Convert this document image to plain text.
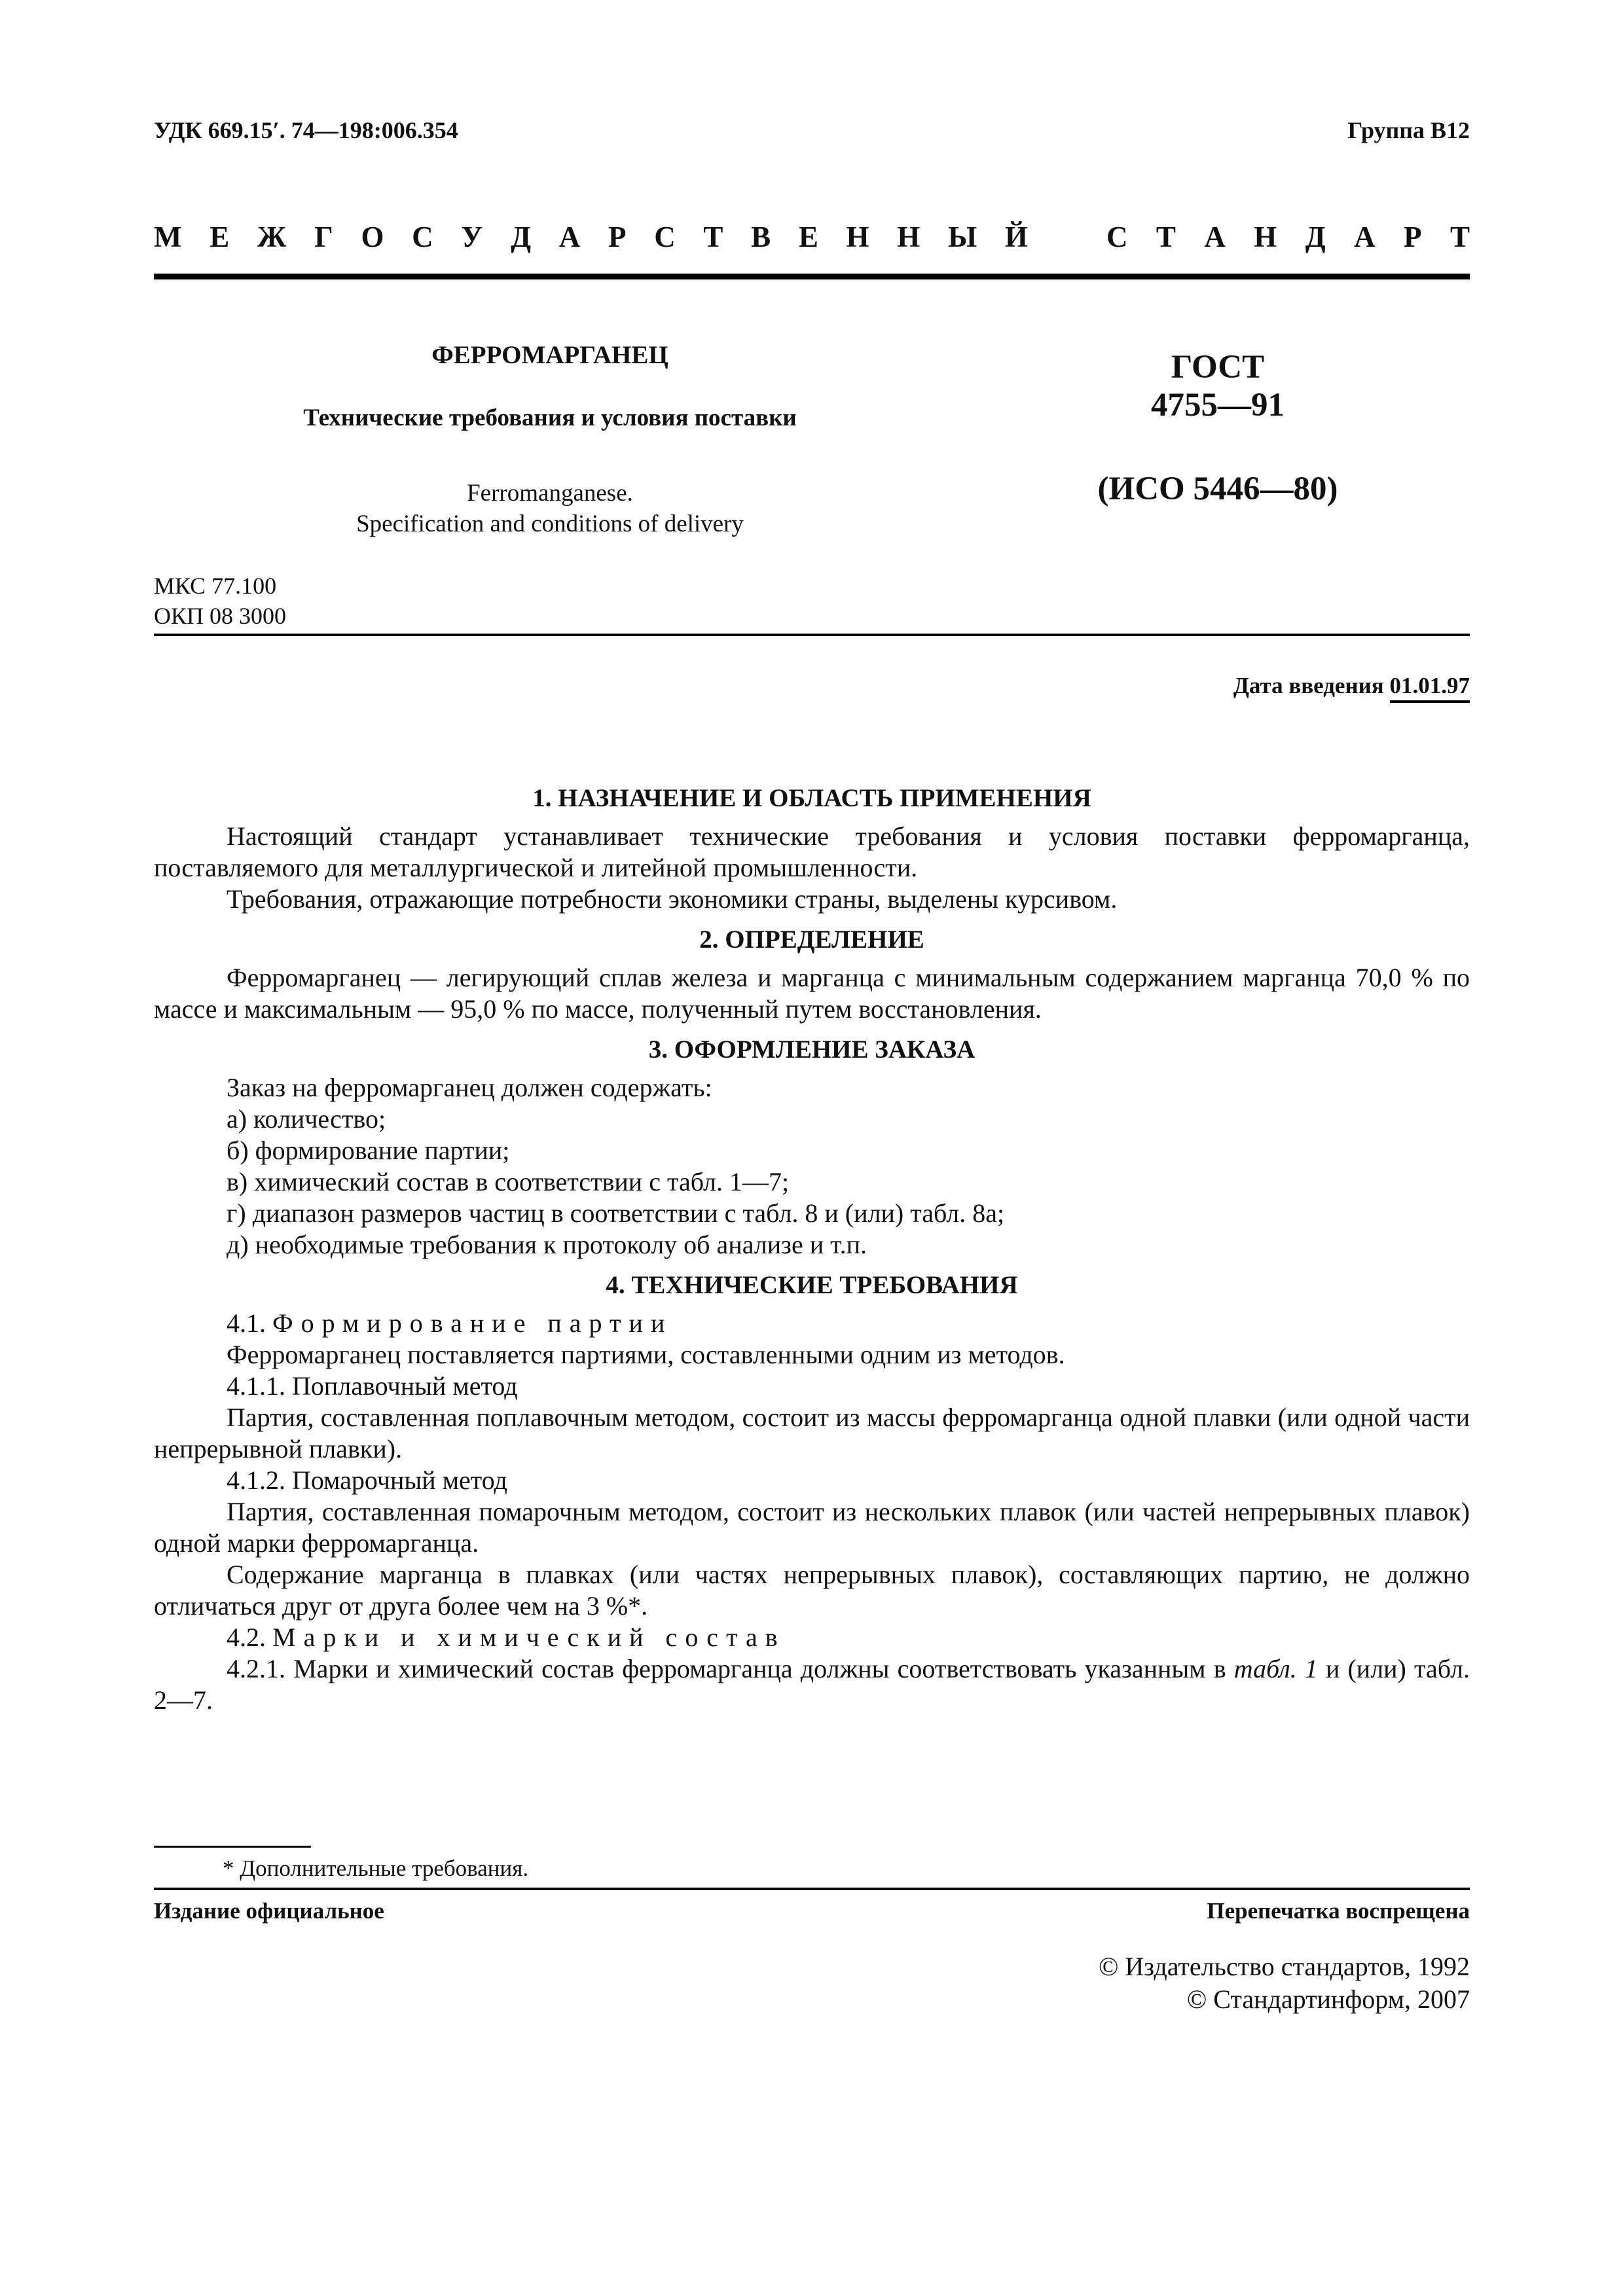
УДК 669.15′. 74—198:006.354	Группа В12
М Е Ж Г О С У Д А Р С Т В Е Н Н Ы Й	С Т А Н Д А Р Т

ФЕРРОМАРГАНЕЦ

Технические требования и условия поставки

Ferromanganese.
Specification and conditions of delivery

ГОСТ
4755—91
(ИСО 5446—80)
МКС 77.100
ОКП 08 3000
Дата введения 01.01.97
1. НАЗНАЧЕНИЕ И ОБЛАСТЬ ПРИМЕНЕНИЯ

Настоящий стандарт устанавливает технические требования и условия поставки ферромарганца, поставляемого для металлургической и литейной промышленности.

Требования, отражающие потребности экономики страны, выделены курсивом.

2. ОПРЕДЕЛЕНИЕ

Ферромарганец — легирующий сплав железа и марганца с минимальным содержанием марганца 70,0 % по массе и максимальным — 95,0 % по массе, полученный путем восстановления.

3. ОФОРМЛЕНИЕ ЗАКАЗА

Заказ на ферромарганец должен содержать:

а) количество;

б) формирование партии;

в) химический состав в соответствии с табл. 1—7;

г) диапазон размеров частиц в соответствии с табл. 8 и (или) табл. 8а;

д) необходимые требования к протоколу об анализе и т.п.

4. ТЕХНИЧЕСКИЕ ТРЕБОВАНИЯ

4.1. Формирование партии

Ферромарганец поставляется партиями, составленными одним из методов.

4.1.1. Поплавочный метод

Партия, составленная поплавочным методом, состоит из массы ферромарганца одной плавки (или одной части непрерывной плавки).

4.1.2. Помарочный метод

Партия, составленная помарочным методом, состоит из нескольких плавок (или частей непрерывных плавок) одной марки ферромарганца.

Содержание марганца в плавках (или частях непрерывных плавок), составляющих партию, не должно отличаться друг от друга более чем на 3 %*.

4.2. Марки и химический состав

4.2.1. Марки и химический состав ферромарганца должны соответствовать указанным в табл. 1 и (или) табл. 2—7.

* Дополнительные требования.
Издание официальное	Перепечатка воспрещена
© Издательство стандартов, 1992
© Стандартинформ, 2007
